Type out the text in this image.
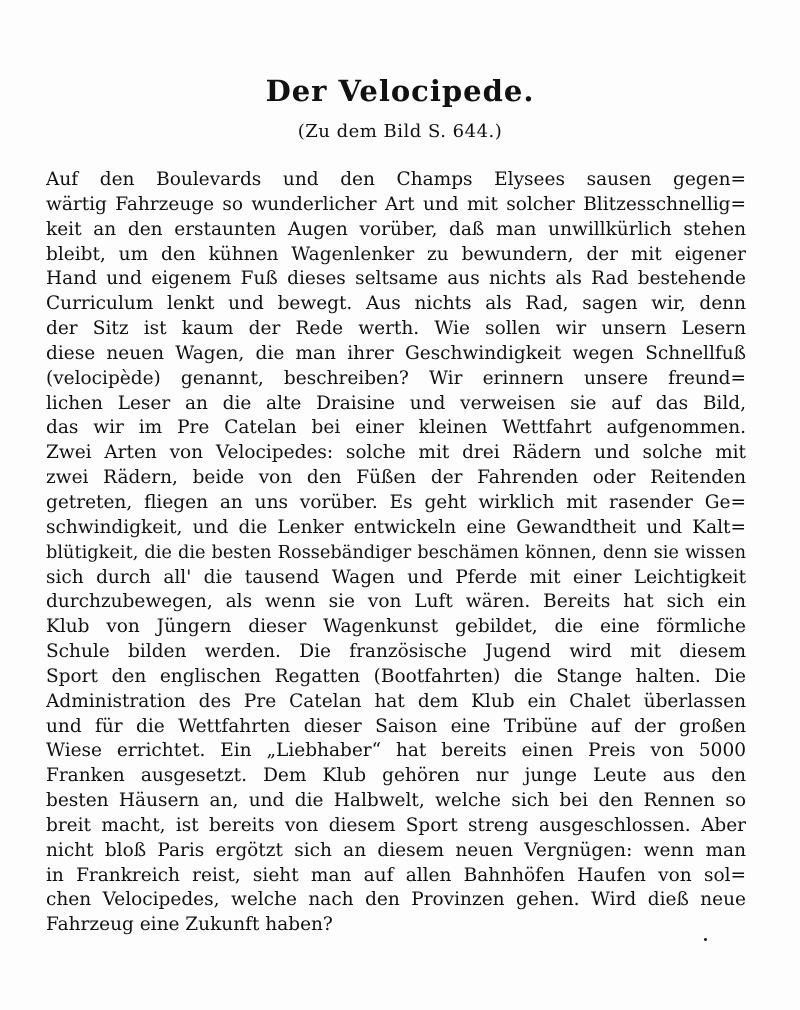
Der Velocipede.
(Zu dem Bild S. 644.)
Auf den Boulevards und den Champs Elysees sausen gegen=
wärtig Fahrzeuge so wunderlicher Art und mit solcher Blitzesschnellig=
keit an den erstaunten Augen vorüber, daß man unwillkürlich stehen
bleibt, um den kühnen Wagenlenker zu bewundern, der mit eigener
Hand und eigenem Fuß dieses seltsame aus nichts als Rad bestehende
Curriculum lenkt und bewegt. Aus nichts als Rad, sagen wir, denn
der Sitz ist kaum der Rede werth. Wie sollen wir unsern Lesern
diese neuen Wagen, die man ihrer Geschwindigkeit wegen Schnellfuß
(velocipède) genannt, beschreiben? Wir erinnern unsere freund=
lichen Leser an die alte Draisine und verweisen sie auf das Bild,
das wir im Pre Catelan bei einer kleinen Wettfahrt aufgenommen.
Zwei Arten von Velocipedes: solche mit drei Rädern und solche mit
zwei Rädern, beide von den Füßen der Fahrenden oder Reitenden
getreten, fliegen an uns vorüber. Es geht wirklich mit rasender Ge=
schwindigkeit, und die Lenker entwickeln eine Gewandtheit und Kalt=
blütigkeit, die die besten Rossebändiger beschämen können, denn sie wissen
sich durch all' die tausend Wagen und Pferde mit einer Leichtigkeit
durchzubewegen, als wenn sie von Luft wären. Bereits hat sich ein
Klub von Jüngern dieser Wagenkunst gebildet, die eine förmliche
Schule bilden werden. Die französische Jugend wird mit diesem
Sport den englischen Regatten (Bootfahrten) die Stange halten. Die
Administration des Pre Catelan hat dem Klub ein Chalet überlassen
und für die Wettfahrten dieser Saison eine Tribüne auf der großen
Wiese errichtet. Ein „Liebhaber“ hat bereits einen Preis von 5000
Franken ausgesetzt. Dem Klub gehören nur junge Leute aus den
besten Häusern an, und die Halbwelt, welche sich bei den Rennen so
breit macht, ist bereits von diesem Sport streng ausgeschlossen. Aber
nicht bloß Paris ergötzt sich an diesem neuen Vergnügen: wenn man
in Frankreich reist, sieht man auf allen Bahnhöfen Haufen von sol=
chen Velocipedes, welche nach den Provinzen gehen. Wird dieß neue
Fahrzeug eine Zukunft haben?
